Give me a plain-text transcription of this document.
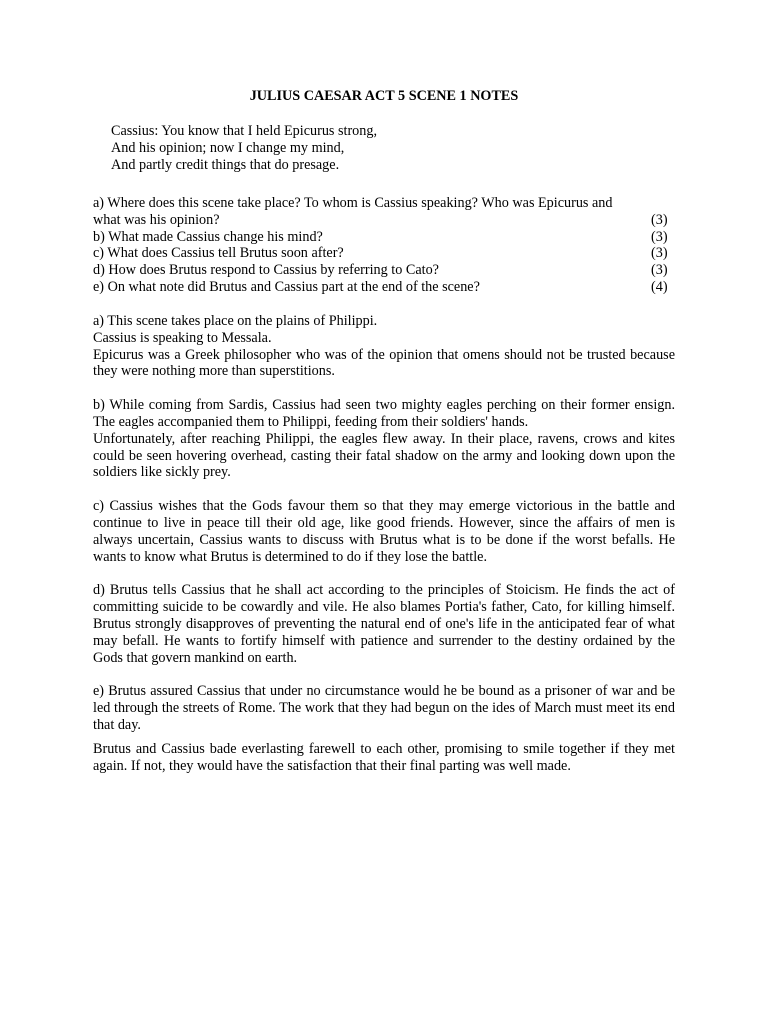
JULIUS CAESAR ACT 5 SCENE 1 NOTES
Cassius: You know that I held Epicurus strong,
And his opinion; now I change my mind,
And partly credit things that do presage.
a) Where does this scene take place? To whom is Cassius speaking? Who was Epicurus and
what was his opinion?	(3)
b) What made Cassius change his mind?	(3)
c) What does Cassius tell Brutus soon after?	(3)
d) How does Brutus respond to Cassius by referring to Cato?	(3)
e) On what note did Brutus and Cassius part at the end of the scene?	(4)
a) This scene takes place on the plains of Philippi.
Cassius is speaking to Messala.
Epicurus was a Greek philosopher who was of the opinion that omens should not be trusted because they were nothing more than superstitions.
b) While coming from Sardis, Cassius had seen two mighty eagles perching on their former ensign. The eagles accompanied them to Philippi, feeding from their soldiers' hands.
Unfortunately, after reaching Philippi, the eagles flew away. In their place, ravens, crows and kites could be seen hovering overhead, casting their fatal shadow on the army and looking down upon the soldiers like sickly prey.
c) Cassius wishes that the Gods favour them so that they may emerge victorious in the battle and continue to live in peace till their old age, like good friends. However, since the affairs of men is always uncertain, Cassius wants to discuss with Brutus what is to be done if the worst befalls. He wants to know what Brutus is determined to do if they lose the battle.
d) Brutus tells Cassius that he shall act according to the principles of Stoicism. He finds the act of committing suicide to be cowardly and vile. He also blames Portia's father, Cato, for killing himself. Brutus strongly disapproves of preventing the natural end of one's life in the anticipated fear of what may befall. He wants to fortify himself with patience and surrender to the destiny ordained by the Gods that govern mankind on earth.
e) Brutus assured Cassius that under no circumstance would he be bound as a prisoner of war and be led through the streets of Rome. The work that they had begun on the ides of March must meet its end that day.
Brutus and Cassius bade everlasting farewell to each other, promising to smile together if they met again. If not, they would have the satisfaction that their final parting was well made.
